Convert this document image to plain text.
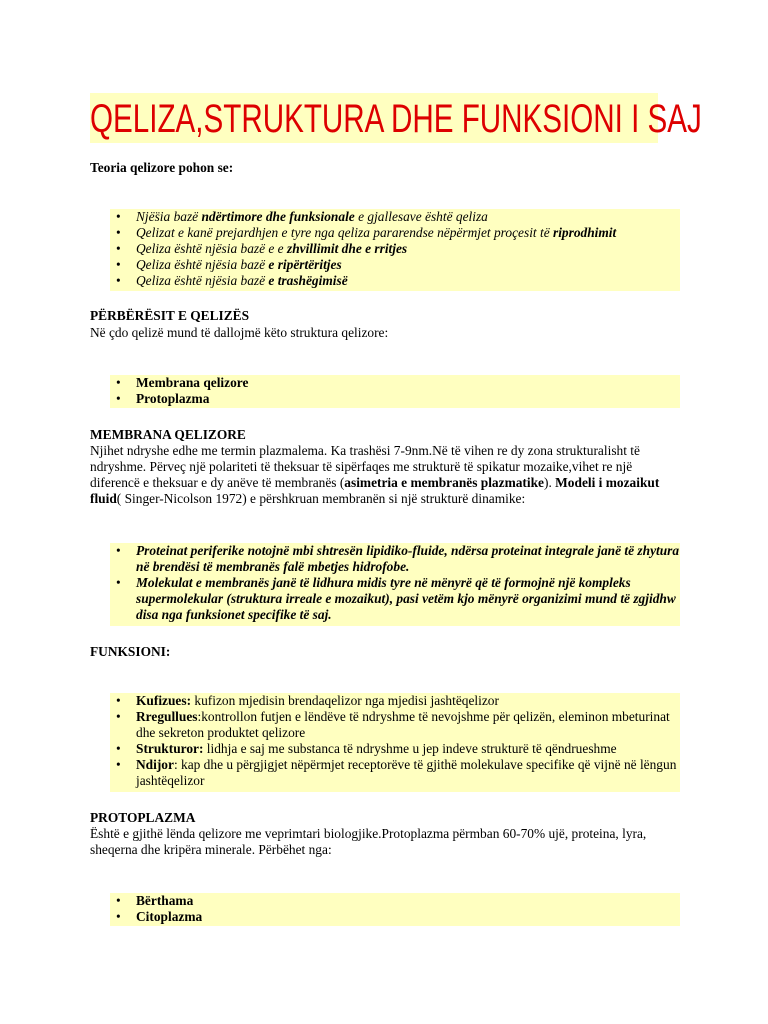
QELIZA,STRUKTURA DHE FUNKSIONI I SAJ
Teoria qelizore pohon se:
• Një̈sia bazë ndërtimore dhe funksionale e gjallesave është qeliza
• Qelizat e kanë prejardhjen e tyre nga qeliza pararendse nëpërmjet proçesit të riprodhimit
• Qeliza është njësia bazë e e zhvillimit dhe e rritjes
• Qeliza është njësia bazë e ripërtëritjes
• Qeliza është njësia bazë e trashëgimisë
PËRBËRËSIT E QELIZËS
Në çdo qelizë mund të dallojmë këto struktura qelizore:
• Membrana qelizore
• Protoplazma
MEMBRANA QELIZORE
Njihet ndryshe edhe me termin plazmalema. Ka trashësi 7-9nm.Në të vihen re dy zona strukturalisht të ndryshme. Përveç një polariteti të theksuar të sipërfaqes me strukturë të spikatur mozaike,vihet re një diferencë e theksuar e dy anëve të membranës (asimetria e membranës plazmatike). Modeli i mozaikut fluid( Singer-Nicolson 1972) e përshkruan membranën si një strukturë dinamike:
• Proteinat periferike notojnë mbi shtresën lipidiko-fluide, ndërsa proteinat integrale janë të zhytura në brendësi të membranës falë mbetjes hidrofobe.
• Molekulat e membranës janë të lidhura midis tyre në mënyrë që të formojnë një kompleks supermolekular (struktura irreale e mozaikut), pasi vetëm kjo mënyrë organizimi mund të zgjidhw disa nga funksionet specifike të saj.
FUNKSIONI:
• Kufizues: kufizon mjedisin brendaqelizor nga mjedisi jashtëqelizor
• Rregullues:kontrollon futjen e lëndëve të ndryshme të nevojshme për qelizën, eleminon mbeturinat dhe sekreton produktet qelizore
• Strukturor: lidhja e saj me substanca të ndryshme u jep indeve strukturë të qëndrueshme
• Ndijor: kap dhe u përgjigjet nëpërmjet receptorëve të gjithë molekulave specifike që vijnë në lëngun jashtëqelizor
PROTOPLAZMA
Është e gjithë lënda qelizore me veprimtari biologjike.Protoplazma përmban 60-70% ujë, proteina, lyra, sheqerna dhe kripëra minerale. Përbëhet nga:
• Bërthama
• Citoplazma
